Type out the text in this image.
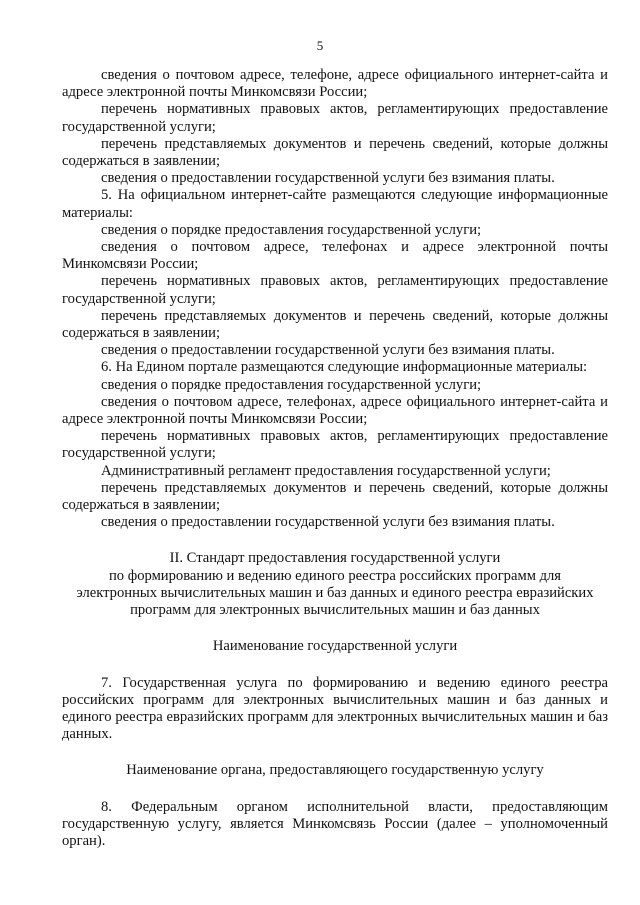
5

сведения о почтовом адресе, телефоне, адресе официального интернет-сайта и адресе электронной почты Минкомсвязи России;

перечень нормативных правовых актов, регламентирующих предоставление государственной услуги;

перечень представляемых документов и перечень сведений, которые должны содержаться в заявлении;

сведения о предоставлении государственной услуги без взимания платы.

5. На официальном интернет-сайте размещаются следующие информационные материалы:

сведения о порядке предоставления государственной услуги;

сведения о почтовом адресе, телефонах и адресе электронной почты Минкомсвязи России;

перечень нормативных правовых актов, регламентирующих предоставление государственной услуги;

перечень представляемых документов и перечень сведений, которые должны содержаться в заявлении;

сведения о предоставлении государственной услуги без взимания платы.

6. На Едином портале размещаются следующие информационные материалы:

сведения о порядке предоставления государственной услуги;

сведения о почтовом адресе, телефонах, адресе официального интернет-сайта и адресе электронной почты Минкомсвязи России;

перечень нормативных правовых актов, регламентирующих предоставление государственной услуги;

Административный регламент предоставления государственной услуги;

перечень представляемых документов и перечень сведений, которые должны содержаться в заявлении;

сведения о предоставлении государственной услуги без взимания платы.

II. Стандарт предоставления государственной услуги

по формированию и ведению единого реестра российских программ для

электронных вычислительных машин и баз данных и единого реестра евразийских

программ для электронных вычислительных машин и баз данных

Наименование государственной услуги

7. Государственная услуга по формированию и ведению единого реестра российских программ для электронных вычислительных машин и баз данных и единого реестра евразийских программ для электронных вычислительных машин и баз данных.

Наименование органа, предоставляющего государственную услугу

8. Федеральным органом исполнительной власти, предоставляющим государственную услугу, является Минкомсвязь России (далее – уполномоченный орган).
